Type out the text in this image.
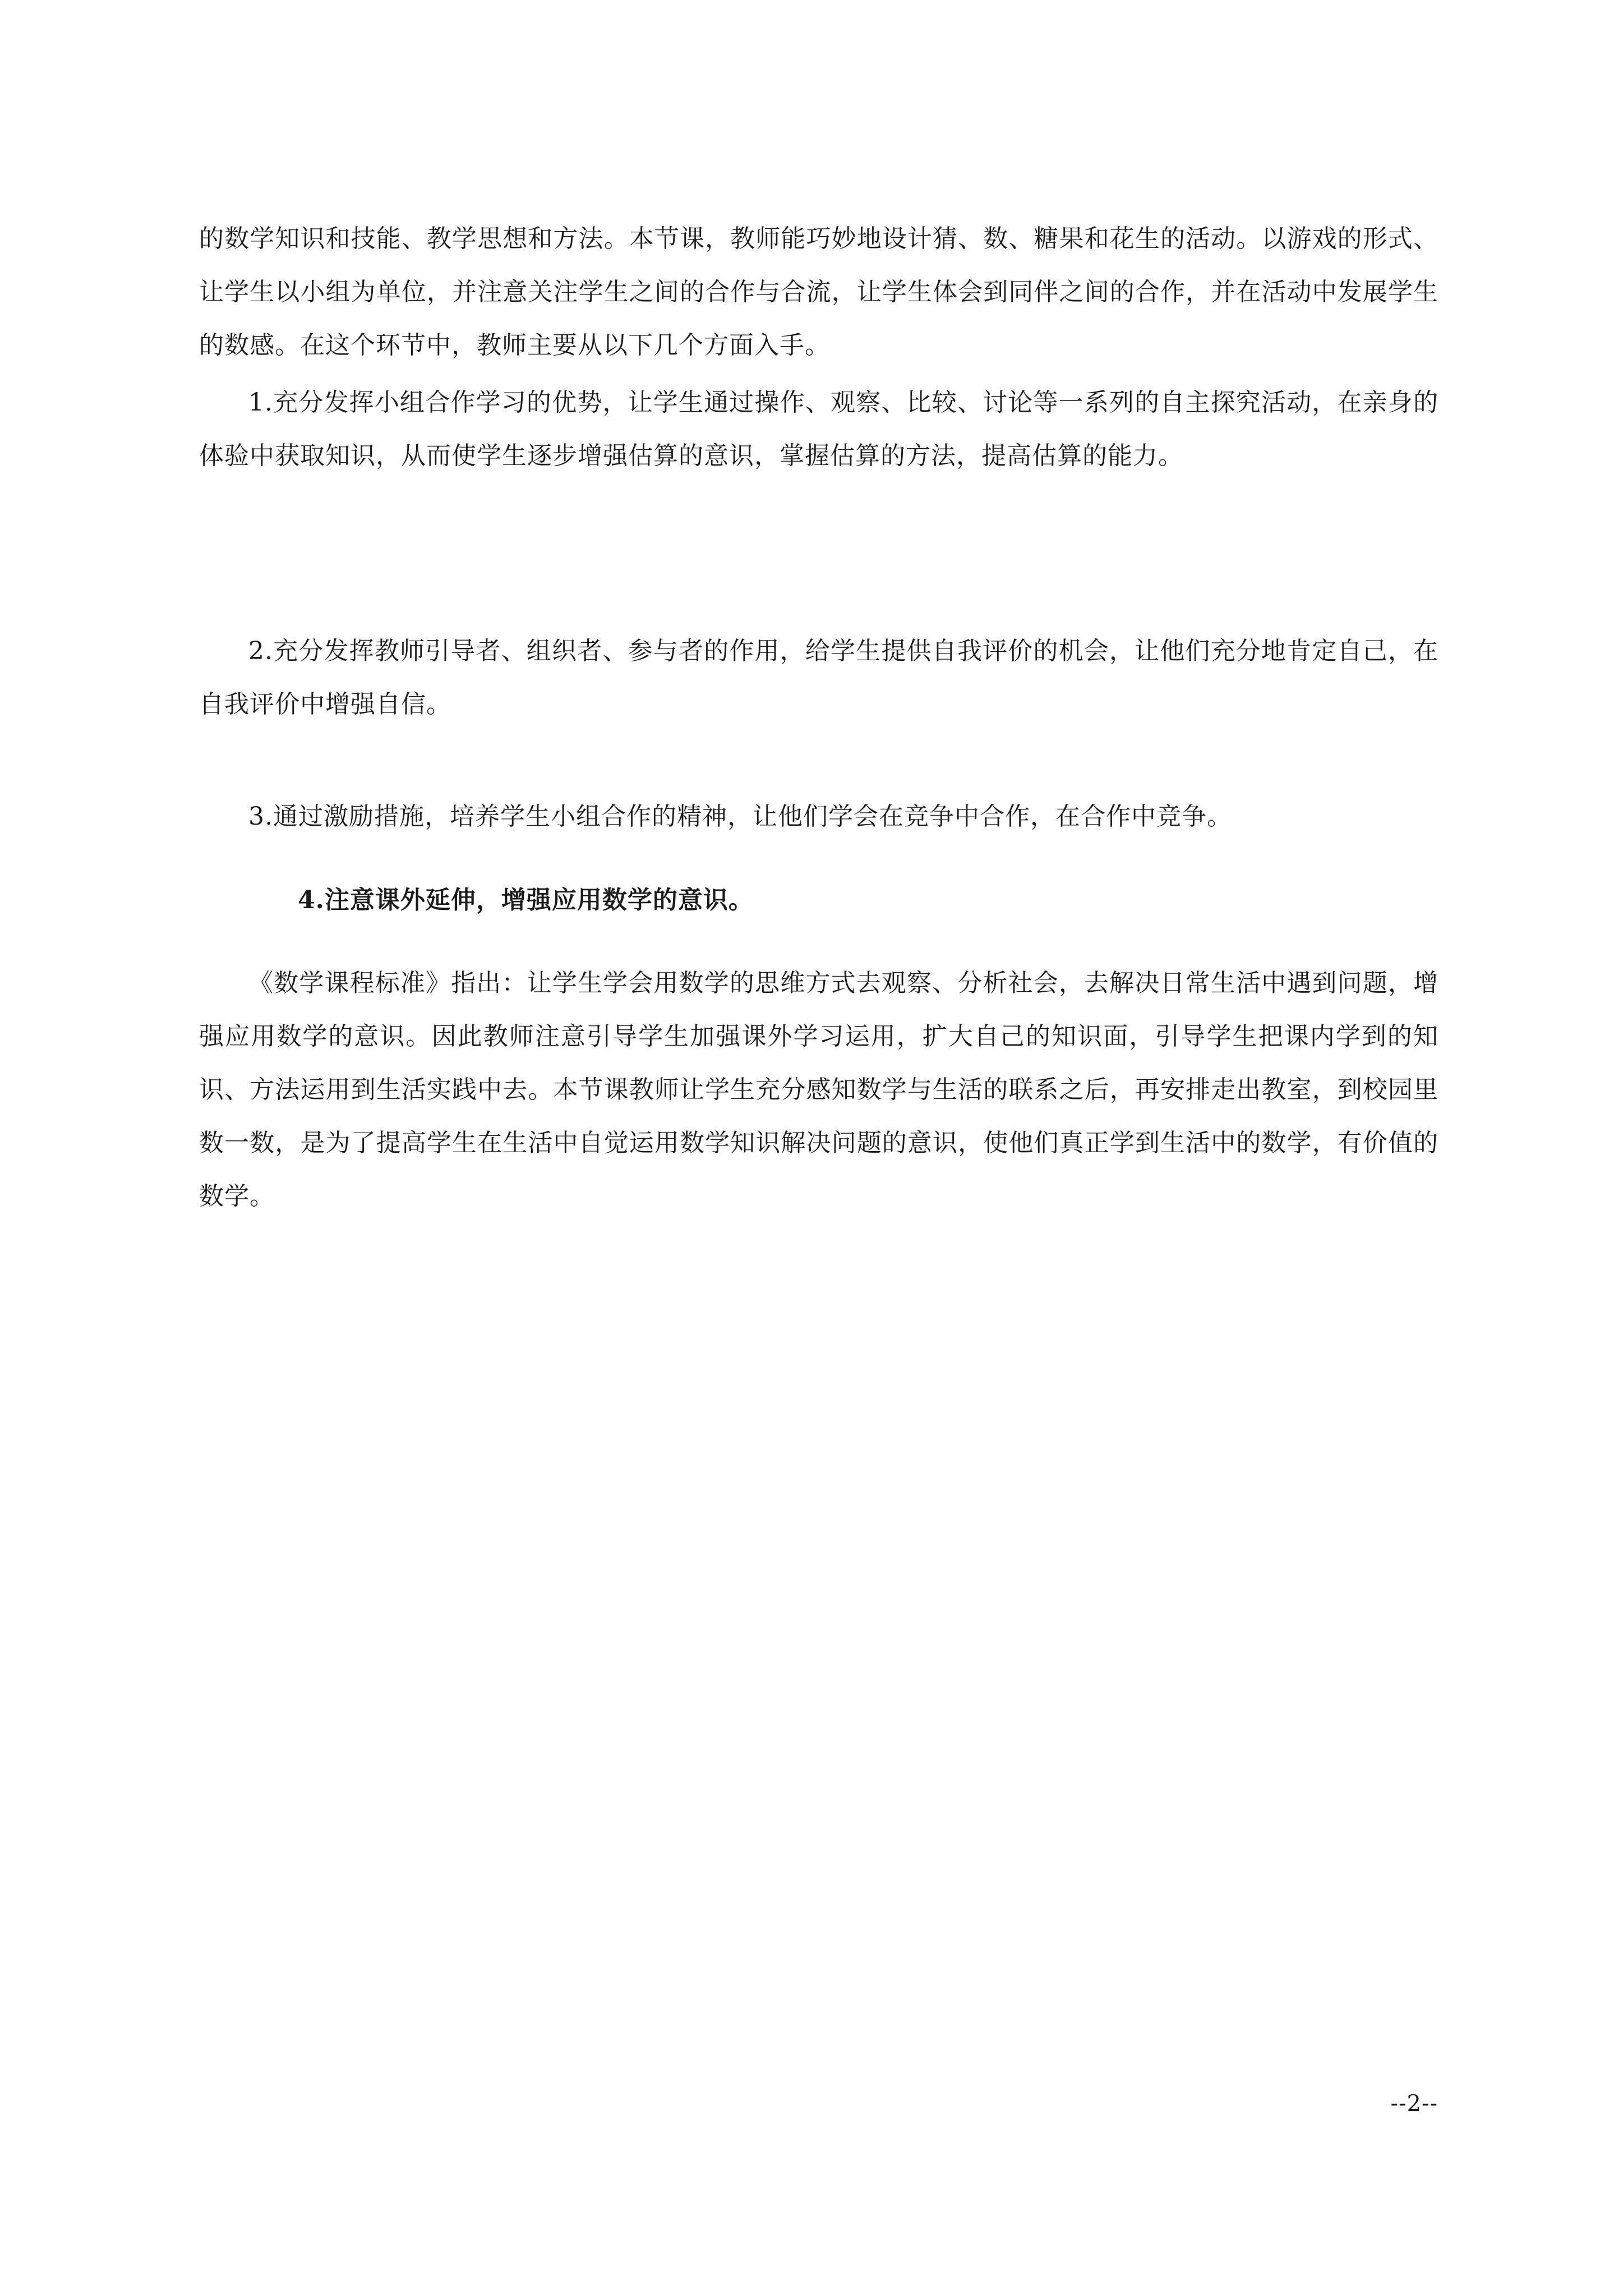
的数学知识和技能、教学思想和方法。本节课，教师能巧妙地设计猜、数、糖果和花生的活动。以游戏的形式、让学生以小组为单位，并注意关注学生之间的合作与合流，让学生体会到同伴之间的合作，并在活动中发展学生的数感。在这个环节中，教师主要从以下几个方面入手。

1.充分发挥小组合作学习的优势，让学生通过操作、观察、比较、讨论等一系列的自主探究活动，在亲身的体验中获取知识，从而使学生逐步增强估算的意识，掌握估算的方法，提高估算的能力。

2.充分发挥教师引导者、组织者、参与者的作用，给学生提供自我评价的机会，让他们充分地肯定自己，在自我评价中增强自信。

3.通过激励措施，培养学生小组合作的精神，让他们学会在竞争中合作，在合作中竞争。

4.注意课外延伸，增强应用数学的意识。

《数学课程标准》指出：让学生学会用数学的思维方式去观察、分析社会，去解决日常生活中遇到问题，增强应用数学的意识。因此教师注意引导学生加强课外学习运用，扩大自己的知识面，引导学生把课内学到的知识、方法运用到生活实践中去。本节课教师让学生充分感知数学与生活的联系之后，再安排走出教室，到校园里数一数，是为了提高学生在生活中自觉运用数学知识解决问题的意识，使他们真正学到生活中的数学，有价值的数学。

--2--
